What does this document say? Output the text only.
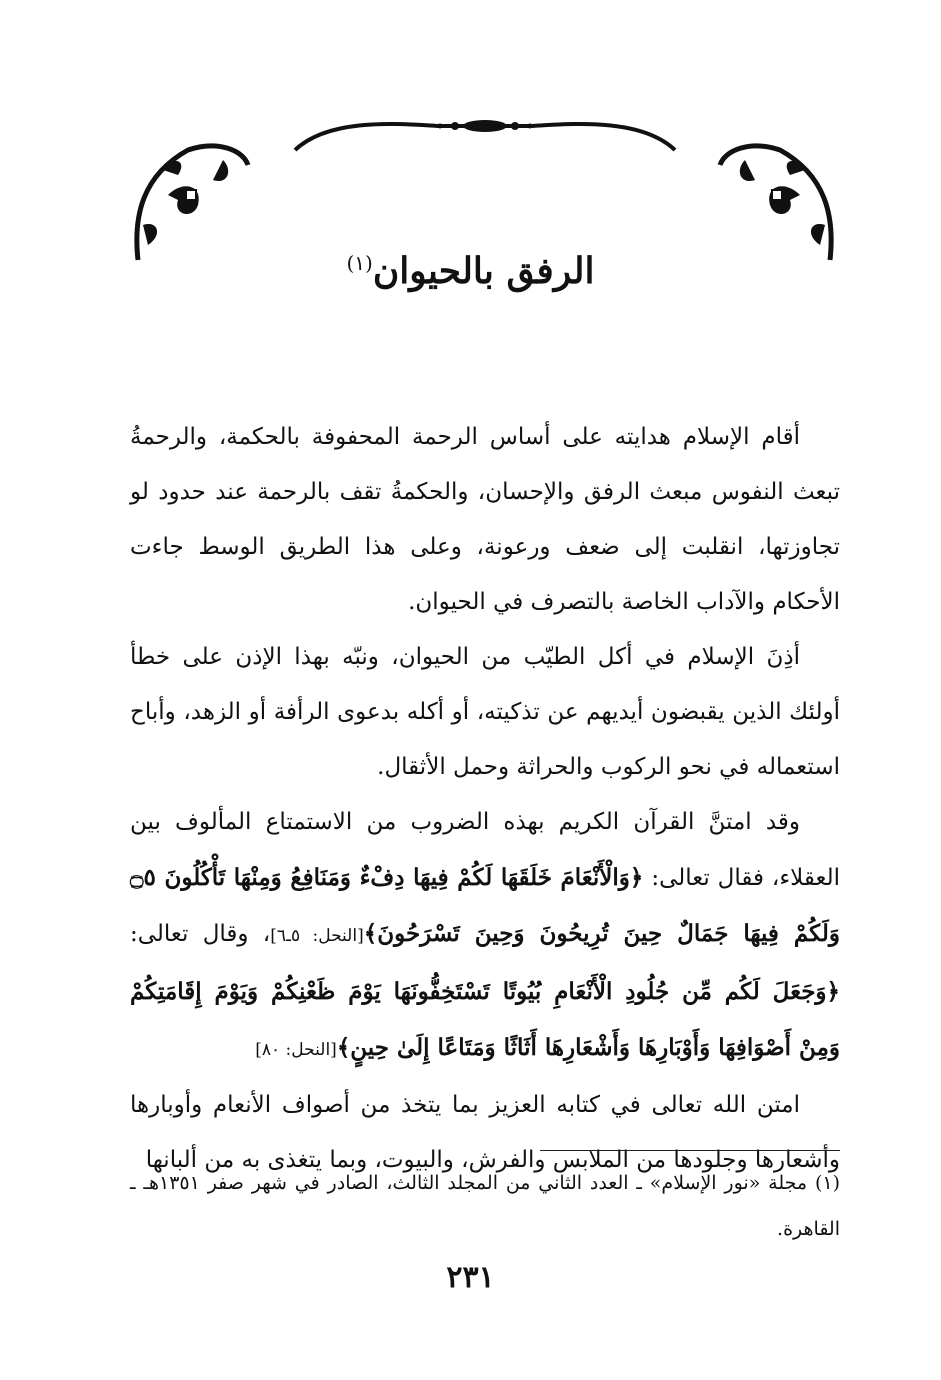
الرفق بالحيوان$^{(١)}$

أقام الإسلام هدايته على أساس الرحمة المحفوفة بالحكمة، والرحمةُ تبعث النفوس مبعث الرفق والإحسان، والحكمةُ تقف بالرحمة عند حدود لو تجاوزتها، انقلبت إلى ضعف ورعونة، وعلى هذا الطريق الوسط جاءت الأحكام والآداب الخاصة بالتصرف في الحيوان.

أذِنَ الإسلام في أكل الطيّب من الحيوان، ونبّه بهذا الإذن على خطأ أولئك الذين يقبضون أيديهم عن تذكيته، أو أكله بدعوى الرأفة أو الزهد، وأباح استعماله في نحو الركوب والحراثة وحمل الأثقال.

وقد امتنَّ القرآن الكريم بهذه الضروب من الاستمتاع المألوف بين العقلاء، فقال تعالى: ﴿وَالْأَنْعَامَ خَلَقَهَا لَكُمْ فِيهَا دِفْءٌ وَمَنَافِعُ وَمِنْهَا تَأْكُلُونَ ۝٥ وَلَكُمْ فِيهَا جَمَالٌ حِينَ تُرِيحُونَ وَحِينَ تَسْرَحُونَ﴾[النحل: ٥ـ٦]، وقال تعالى: ﴿وَجَعَلَ لَكُم مِّن جُلُودِ الْأَنْعَامِ بُيُوتًا تَسْتَخِفُّونَهَا يَوْمَ ظَعْنِكُمْ وَيَوْمَ إِقَامَتِكُمْ وَمِنْ أَصْوَافِهَا وَأَوْبَارِهَا وَأَشْعَارِهَا أَثَاثًا وَمَتَاعًا إِلَىٰ حِينٍ﴾[النحل: ٨٠]

امتن الله تعالى في كتابه العزيز بما يتخذ من أصواف الأنعام وأوبارها وأشعارها وجلودها من الملابس والفرش، والبيوت، وبما يتغذى به من ألبانها

(١) مجلة «نور الإسلام» ـ العدد الثاني من المجلد الثالث، الصادر في شهر صفر ١٣٥١هـ ـ القاهرة.
٢٣١
